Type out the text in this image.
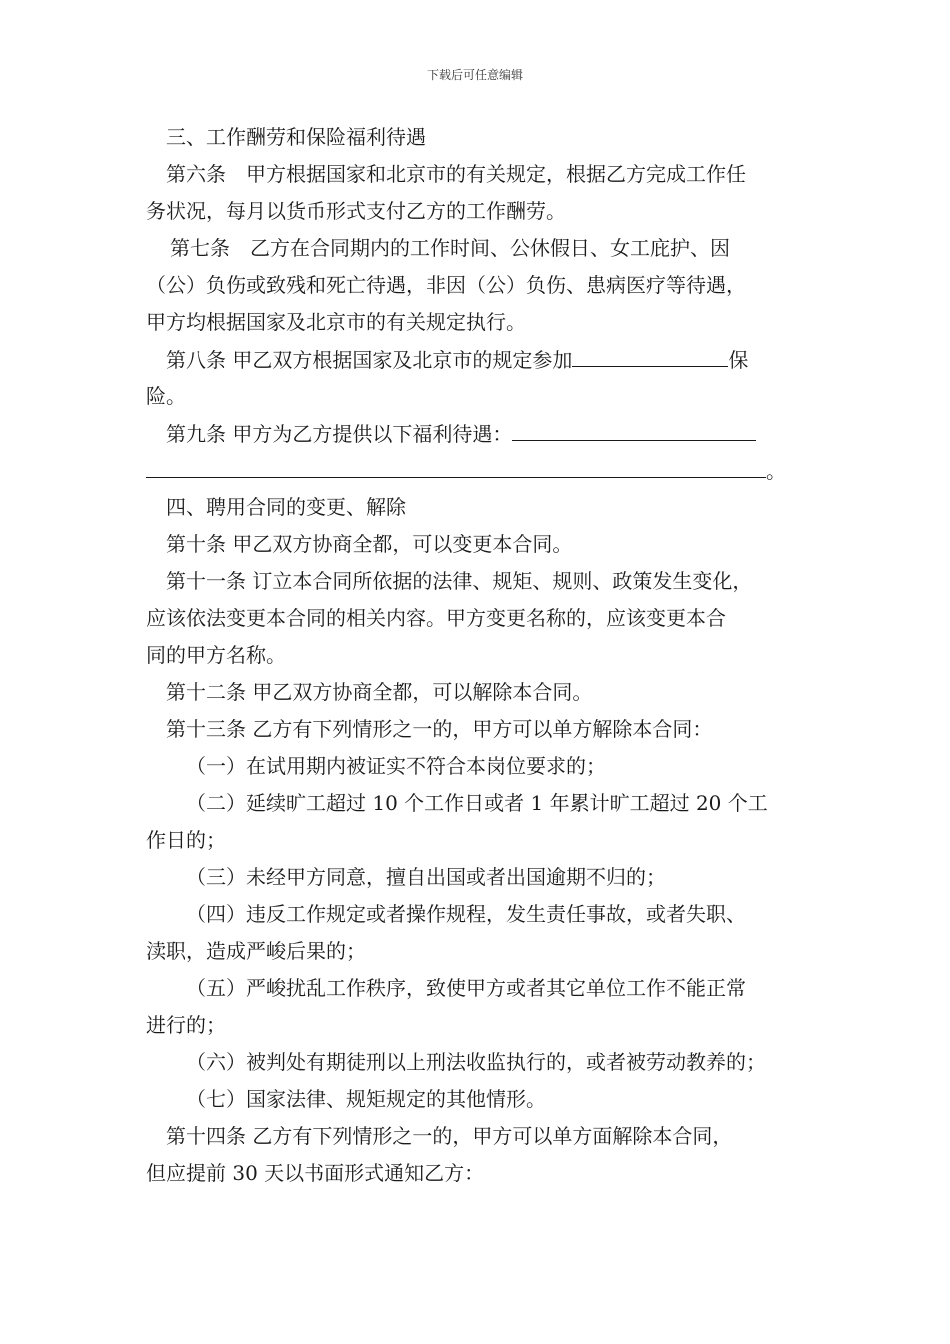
下载后可任意编辑
三、工作酬劳和保险福利待遇
第六条　甲方根据国家和北京市的有关规定，根据乙方完成工作任
务状况，每月以货币形式支付乙方的工作酬劳。
第七条　乙方在合同期内的工作时间、公休假日、女工庇护、因
（公）负伤或致残和死亡待遇，非因（公）负伤、患病医疗等待遇，
甲方均根据国家及北京市的有关规定执行。
第八条 甲乙双方根据国家及北京市的规定参加	保
险。
第九条 甲方为乙方提供以下福利待遇：
。
四、聘用合同的变更、解除
第十条 甲乙双方协商全都，可以变更本合同。
第十一条 订立本合同所依据的法律、规矩、规则、政策发生变化，
应该依法变更本合同的相关内容。甲方变更名称的，应该变更本合
同的甲方名称。
第十二条 甲乙双方协商全都，可以解除本合同。
第十三条 乙方有下列情形之一的，甲方可以单方解除本合同：
（一）在试用期内被证实不符合本岗位要求的；
（二）延续旷工超过 10 个工作日或者 1 年累计旷工超过 20 个工
作日的；
（三）未经甲方同意，擅自出国或者出国逾期不归的；
（四）违反工作规定或者操作规程，发生责任事故，或者失职、
渎职，造成严峻后果的；
（五）严峻扰乱工作秩序，致使甲方或者其它单位工作不能正常
进行的；
（六）被判处有期徒刑以上刑法收监执行的，或者被劳动教养的；
（七）国家法律、规矩规定的其他情形。
第十四条 乙方有下列情形之一的，甲方可以单方面解除本合同，
但应提前 30 天以书面形式通知乙方：
